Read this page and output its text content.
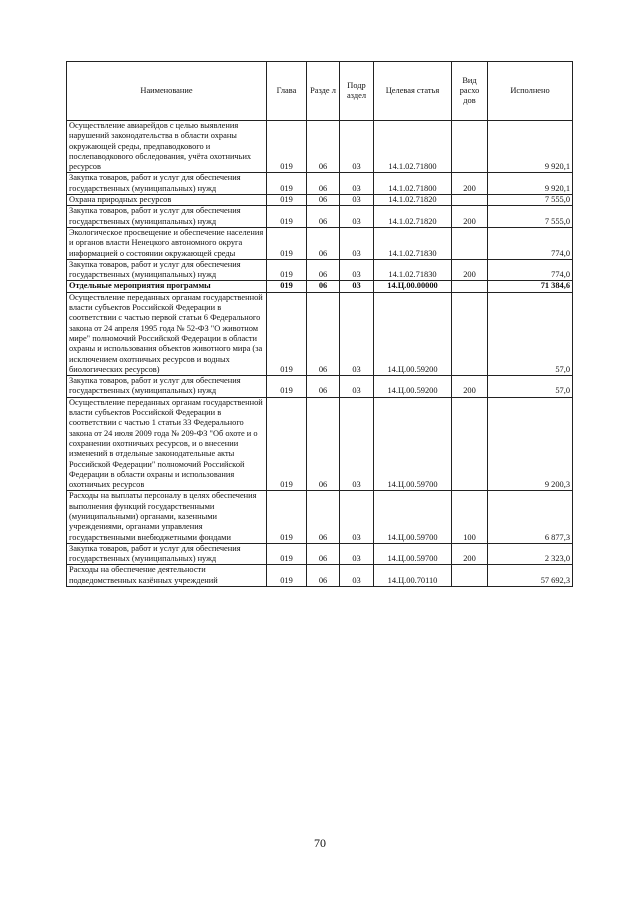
Наименование	Глава	Разде л	Подр аздел	Целевая статья	Вид расхо дов	Исполнено
Осуществление авиарейдов с целью выявления нарушений законодательства в области охраны окружающей среды, предпаводкового и послепаводкового обследования, учёта охотничьих ресурсов	019	06	03	14.1.02.71800		9 920,1
Закупка товаров, работ и услуг для обеспечения государственных (муниципальных) нужд	019	06	03	14.1.02.71800	200	9 920,1
Охрана природных ресурсов	019	06	03	14.1.02.71820		7 555,0
Закупка товаров, работ и услуг для обеспечения государственных (муниципальных) нужд	019	06	03	14.1.02.71820	200	7 555,0
Экологическое просвещение и обеспечение населения и органов власти Ненецкого автономного округа информацией о состоянии окружающей среды	019	06	03	14.1.02.71830		774,0
Закупка товаров, работ и услуг для обеспечения государственных (муниципальных) нужд	019	06	03	14.1.02.71830	200	774,0
Отдельные мероприятия программы	019	06	03	14.Ц.00.00000		71 384,6
Осуществление переданных органам государственной власти субъектов Российской Федерации в соответствии с частью первой статьи 6 Федерального закона от 24 апреля 1995 года № 52-ФЗ "О животном мире" полномочий Российской Федерации в области охраны и использования объектов животного мира (за исключением охотничьих ресурсов и водных биологических ресурсов)	019	06	03	14.Ц.00.59200		57,0
Закупка товаров, работ и услуг для обеспечения государственных (муниципальных) нужд	019	06	03	14.Ц.00.59200	200	57,0
Осуществление переданных органам государственной власти субъектов Российской Федерации в соответствии с частью 1 статьи 33 Федерального закона от 24 июля 2009 года № 209-ФЗ "Об охоте и о сохранении охотничьих ресурсов, и о внесении изменений в отдельные законодательные акты Российской Федерации" полномочий Российской Федерации в области охраны и использования охотничьих ресурсов	019	06	03	14.Ц.00.59700		9 200,3
Расходы на выплаты персоналу в целях обеспечения выполнения функций государственными (муниципальными) органами, казенными учреждениями, органами управления государственными внебюджетными фондами	019	06	03	14.Ц.00.59700	100	6 877,3
Закупка товаров, работ и услуг для обеспечения государственных (муниципальных) нужд	019	06	03	14.Ц.00.59700	200	2 323,0
Расходы на обеспечение деятельности подведомственных казённых учреждений	019	06	03	14.Ц.00.70110		57 692,3
70
